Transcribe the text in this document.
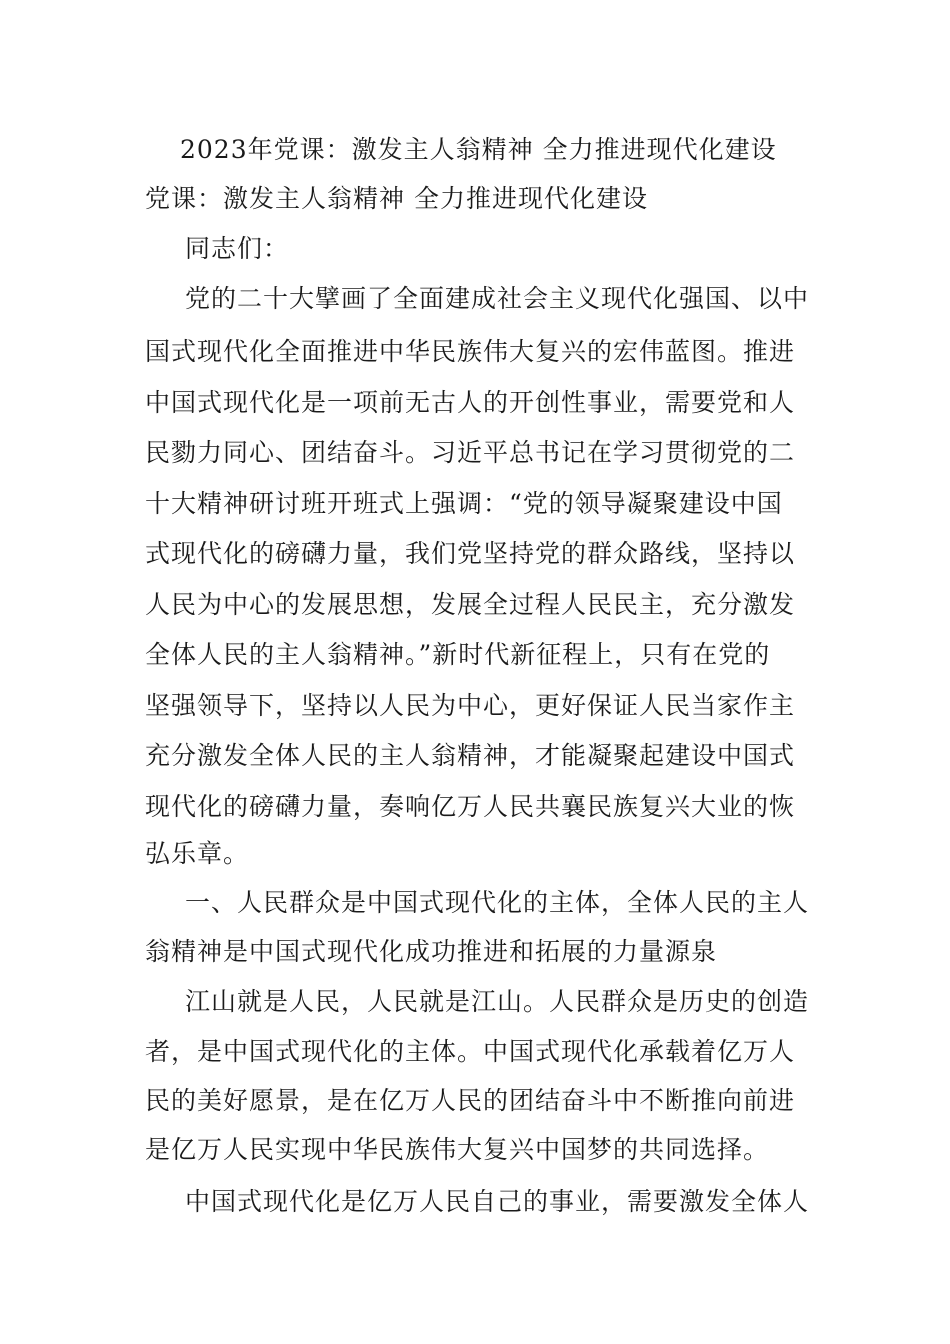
2023年党课：激发主人翁精神 全力推进现代化建设
党课：激发主人翁精神 全力推进现代化建设
同志们：
党的二十大擘画了全面建成社会主义现代化强国、以中
国式现代化全面推进中华民族伟大复兴的宏伟蓝图。推进
中国式现代化是一项前无古人的开创性事业，需要党和人
民勠力同心、团结奋斗。习近平总书记在学习贯彻党的二
十大精神研讨班开班式上强调：“党的领导凝聚建设中国
式现代化的磅礴力量，我们党坚持党的群众路线，坚持以
人民为中心的发展思想，发展全过程人民民主，充分激发
全体人民的主人翁精神。”新时代新征程上，只有在党的
坚强领导下，坚持以人民为中心，更好保证人民当家作主
充分激发全体人民的主人翁精神，才能凝聚起建设中国式
现代化的磅礴力量，奏响亿万人民共襄民族复兴大业的恢
弘乐章。
一、人民群众是中国式现代化的主体，全体人民的主人
翁精神是中国式现代化成功推进和拓展的力量源泉
江山就是人民，人民就是江山。人民群众是历史的创造
者，是中国式现代化的主体。中国式现代化承载着亿万人
民的美好愿景，是在亿万人民的团结奋斗中不断推向前进
是亿万人民实现中华民族伟大复兴中国梦的共同选择。
中国式现代化是亿万人民自己的事业，需要激发全体人
